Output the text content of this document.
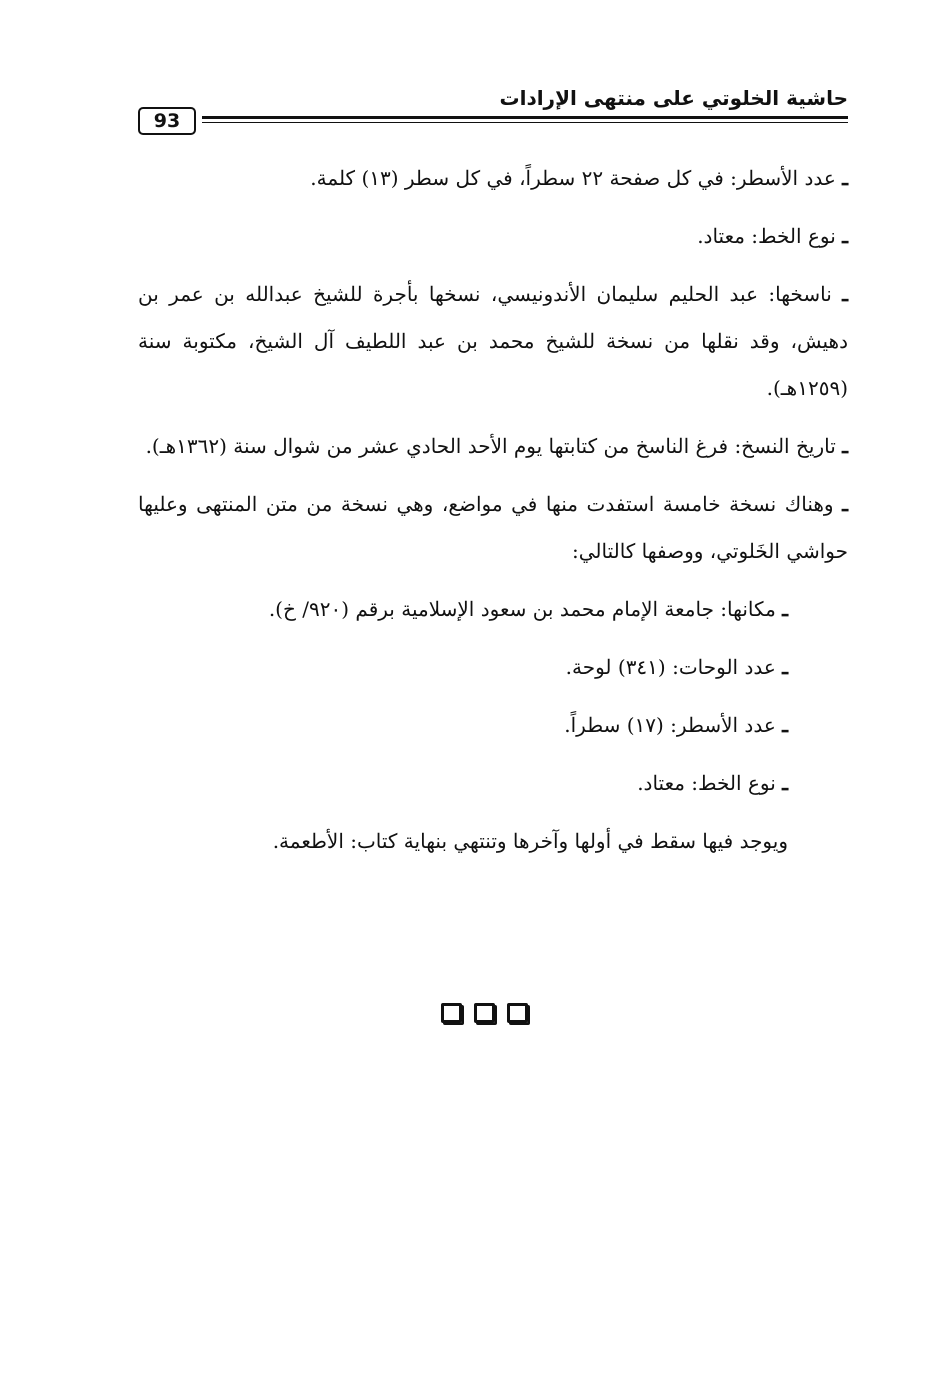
حاشية الخلوتي على منتهى الإرادات
93

ـ عدد الأسطر: في كل صفحة ٢٢ سطراً، في كل سطر (١٣) كلمة.

ـ نوع الخط: معتاد.

ـ ناسخها: عبد الحليم سليمان الأندونيسي، نسخها بأجرة للشيخ عبدالله بن عمر بن دهيش، وقد نقلها من نسخة للشيخ محمد بن عبد اللطيف آل الشيخ، مكتوبة سنة (١٢٥٩هـ).

ـ تاريخ النسخ: فرغ الناسخ من كتابتها يوم الأحد الحادي عشر من شوال سنة (١٣٦٢هـ).

ـ وهناك نسخة خامسة استفدت منها في مواضع، وهي نسخة من متن المنتهى وعليها حواشي الخَلوتي، ووصفها كالتالي:

ـ مكانها: جامعة الإمام محمد بن سعود الإسلامية برقم (٩٢٠/ خ).

ـ عدد الوحات: (٣٤١) لوحة.

ـ عدد الأسطر: (١٧) سطراً.

ـ نوع الخط: معتاد.

ويوجد فيها سقط في أولها وآخرها وتنتهي بنهاية كتاب: الأطعمة.
